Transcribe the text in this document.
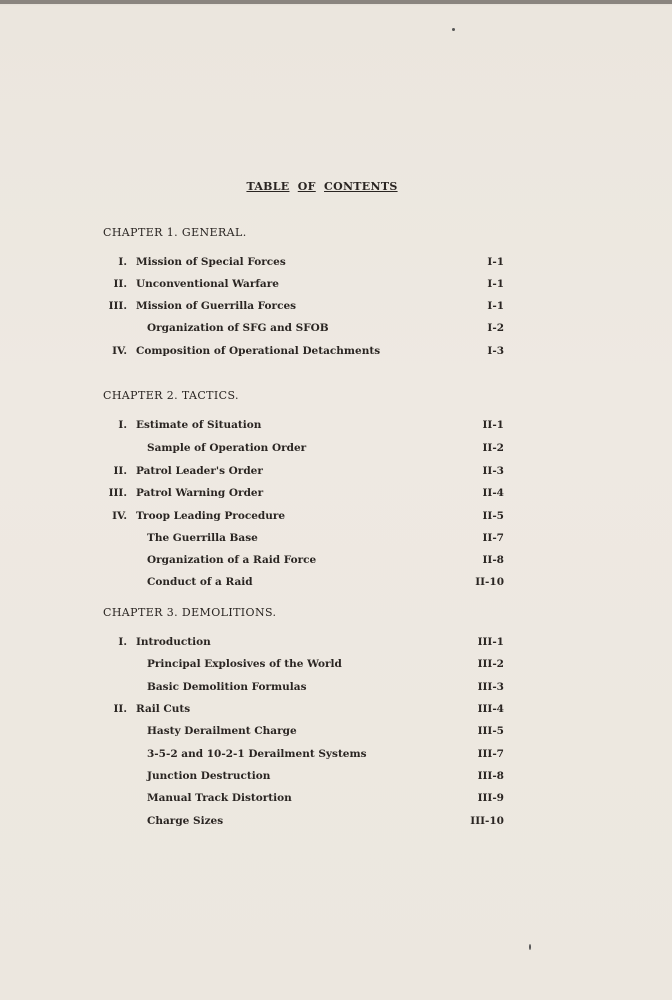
TABLE OF CONTENTS
CHAPTER 1. GENERAL.
I. Mission of Special Forces	I-1
II. Unconventional Warfare	I-1
III. Mission of Guerrilla Forces	I-1
Organization of SFG and SFOB	I-2
IV. Composition of Operational Detachments	I-3
CHAPTER 2. TACTICS.
I. Estimate of Situation	II-1
Sample of Operation Order	II-2
II. Patrol Leader's Order	II-3
III. Patrol Warning Order	II-4
IV. Troop Leading Procedure	II-5
The Guerrilla Base	II-7
Organization of a Raid Force	II-8
Conduct of a Raid	II-10
CHAPTER 3. DEMOLITIONS.
I. Introduction	III-1
Principal Explosives of the World	III-2
Basic Demolition Formulas	III-3
II. Rail Cuts	III-4
Hasty Derailment Charge	III-5
3-5-2 and 10-2-1 Derailment Systems	III-7
Junction Destruction	III-8
Manual Track Distortion	III-9
Charge Sizes	III-10
